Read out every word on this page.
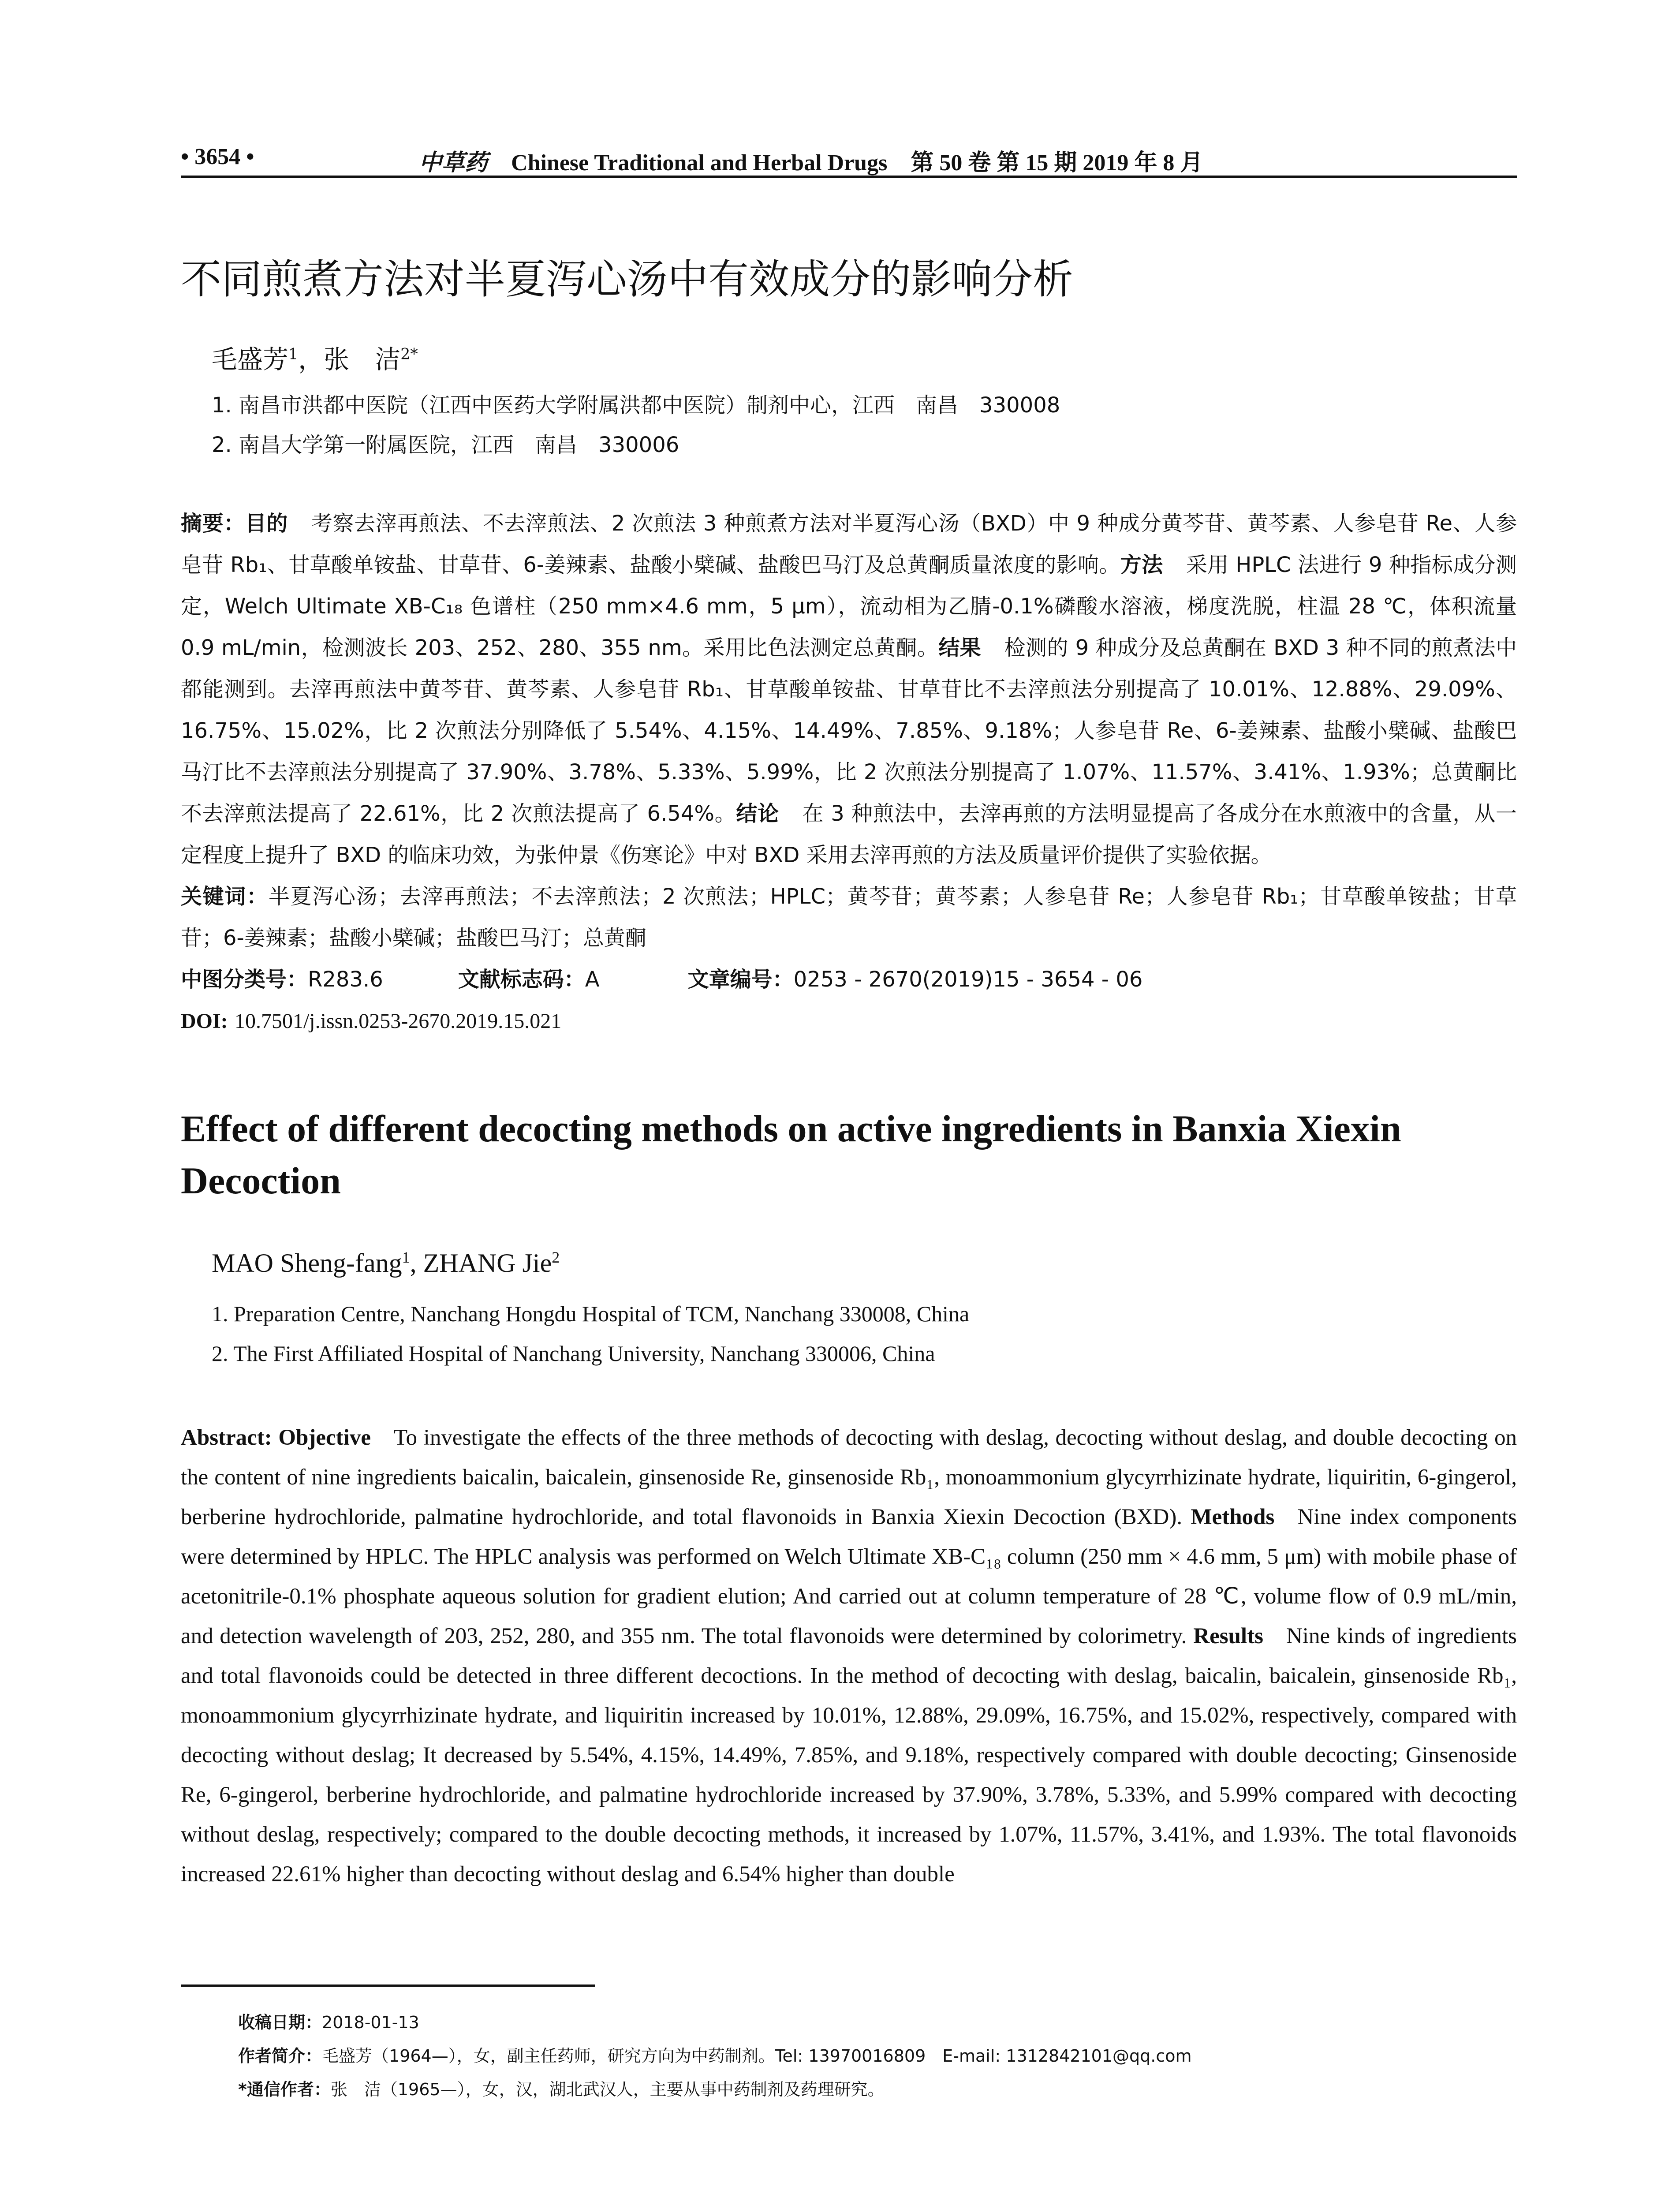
• 3654 •	中草药 Chinese Traditional and Herbal Drugs 第 50 卷 第 15 期 2019 年 8 月
不同煎煮方法对半夏泻心汤中有效成分的影响分析
毛盛芳$^1$，张　洁$^{2*}$
1. 南昌市洪都中医院（江西中医药大学附属洪都中医院）制剂中心，江西　南昌　330008
2. 南昌大学第一附属医院，江西　南昌　330006

摘要：目的 考察去滓再煎法、不去滓煎法、2 次煎法 3 种煎煮方法对半夏泻心汤（BXD）中 9 种成分黄芩苷、黄芩素、人参皂苷 Re、人参皂苷 Rb₁、甘草酸单铵盐、甘草苷、6-姜辣素、盐酸小檗碱、盐酸巴马汀及总黄酮质量浓度的影响。方法 采用 HPLC 法进行 9 种指标成分测定，Welch Ultimate XB-C₁₈ 色谱柱（250 mm×4.6 mm，5 μm），流动相为乙腈-0.1%磷酸水溶液，梯度洗脱，柱温 28 ℃，体积流量 0.9 mL/min，检测波长 203、252、280、355 nm。采用比色法测定总黄酮。结果 检测的 9 种成分及总黄酮在 BXD 3 种不同的煎煮法中都能测到。去滓再煎法中黄芩苷、黄芩素、人参皂苷 Rb₁、甘草酸单铵盐、甘草苷比不去滓煎法分别提高了 10.01%、12.88%、29.09%、16.75%、15.02%，比 2 次煎法分别降低了 5.54%、4.15%、14.49%、7.85%、9.18%；人参皂苷 Re、6-姜辣素、盐酸小檗碱、盐酸巴马汀比不去滓煎法分别提高了 37.90%、3.78%、5.33%、5.99%，比 2 次煎法分别提高了 1.07%、11.57%、3.41%、1.93%；总黄酮比不去滓煎法提高了 22.61%，比 2 次煎法提高了 6.54%。结论 在 3 种煎法中，去滓再煎的方法明显提高了各成分在水煎液中的含量，从一定程度上提升了 BXD 的临床功效，为张仲景《伤寒论》中对 BXD 采用去滓再煎的方法及质量评价提供了实验依据。

关键词：半夏泻心汤；去滓再煎法；不去滓煎法；2 次煎法；HPLC；黄芩苷；黄芩素；人参皂苷 Re；人参皂苷 Rb₁；甘草酸单铵盐；甘草苷；6-姜辣素；盐酸小檗碱；盐酸巴马汀；总黄酮

中图分类号：R283.6	文献标志码：A	文章编号：0253 - 2670(2019)15 - 3654 - 06

DOI: 10.7501/j.issn.0253-2670.2019.15.021

Effect of different decocting methods on active ingredients in Banxia Xiexin Decoction
MAO Sheng-fang$^1$, ZHANG Jie$^2$
1. Preparation Centre, Nanchang Hongdu Hospital of TCM, Nanchang 330008, China
2. The First Affiliated Hospital of Nanchang University, Nanchang 330006, China

Abstract: Objective To investigate the effects of the three methods of decocting with deslag, decocting without deslag, and double decocting on the content of nine ingredients baicalin, baicalein, ginsenoside Re, ginsenoside Rb₁, monoammonium glycyrrhizinate hydrate, liquiritin, 6-gingerol, berberine hydrochloride, palmatine hydrochloride, and total flavonoids in Banxia Xiexin Decoction (BXD). Methods Nine index components were determined by HPLC. The HPLC analysis was performed on Welch Ultimate XB-C₁₈ column (250 mm × 4.6 mm, 5 μm) with mobile phase of acetonitrile-0.1% phosphate aqueous solution for gradient elution; And carried out at column temperature of 28 ℃, volume flow of 0.9 mL/min, and detection wavelength of 203, 252, 280, and 355 nm. The total flavonoids were determined by colorimetry. Results Nine kinds of ingredients and total flavonoids could be detected in three different decoctions. In the method of decocting with deslag, baicalin, baicalein, ginsenoside Rb₁, monoammonium glycyrrhizinate hydrate, and liquiritin increased by 10.01%, 12.88%, 29.09%, 16.75%, and 15.02%, respectively, compared with decocting without deslag; It decreased by 5.54%, 4.15%, 14.49%, 7.85%, and 9.18%, respectively compared with double decocting; Ginsenoside Re, 6-gingerol, berberine hydrochloride, and palmatine hydrochloride increased by 37.90%, 3.78%, 5.33%, and 5.99% compared with decocting without deslag, respectively; compared to the double decocting methods, it increased by 1.07%, 11.57%, 3.41%, and 1.93%. The total flavonoids increased 22.61% higher than decocting without deslag and 6.54% higher than double

收稿日期：2018-01-13

作者简介：毛盛芳（1964—），女，副主任药师，研究方向为中药制剂。Tel: 13970016809　E-mail: 1312842101@qq.com

*通信作者：张　洁（1965—），女，汉，湖北武汉人，主要从事中药制剂及药理研究。
